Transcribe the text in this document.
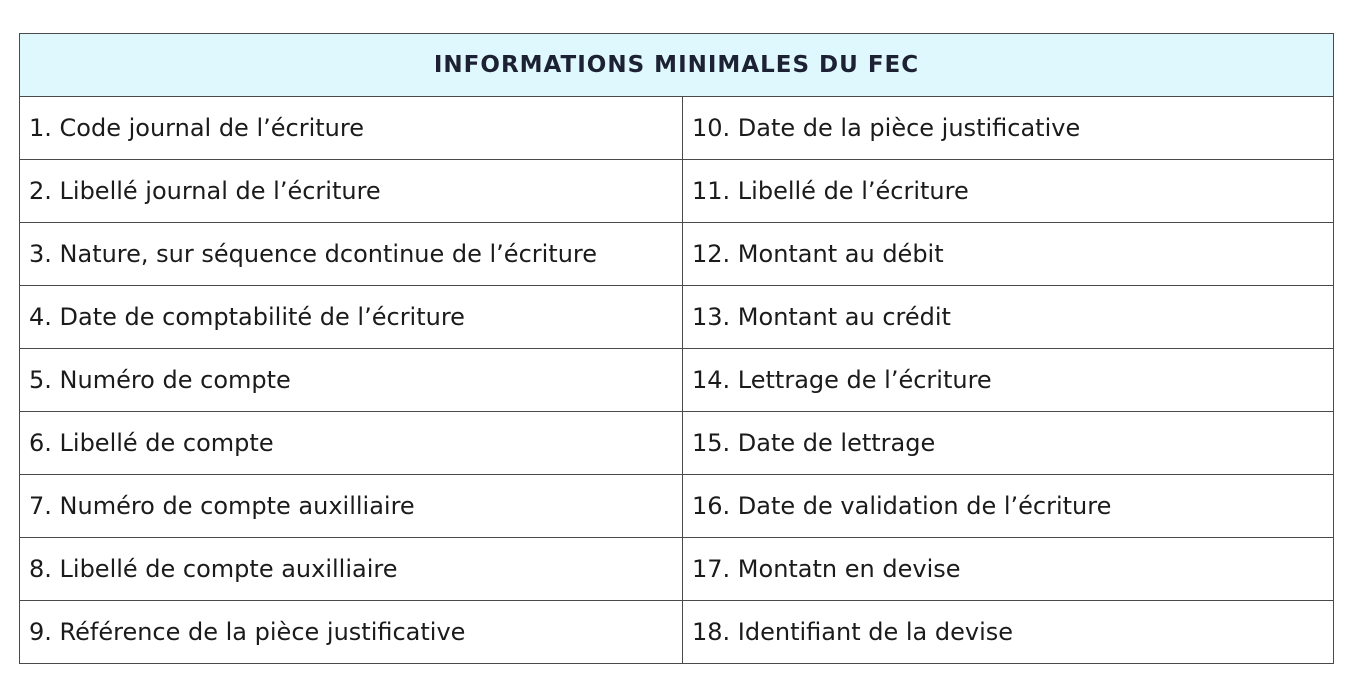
INFORMATIONS MINIMALES DU FEC	
1. Code journal de l’écriture	10. Date de la pièce justificative
2. Libellé journal de l’écriture	11. Libellé de l’écriture
3. Nature, sur séquence dcontinue de l’écriture	12. Montant au débit
4. Date de comptabilité de l’écriture	13. Montant au crédit
5. Numéro de compte	14. Lettrage de l’écriture
6. Libellé de compte	15. Date de lettrage
7. Numéro de compte auxilliaire	16. Date de validation de l’écriture
8. Libellé de compte auxilliaire	17. Montatn en devise
9. Référence de la pièce justificative	18. Identifiant de la devise
